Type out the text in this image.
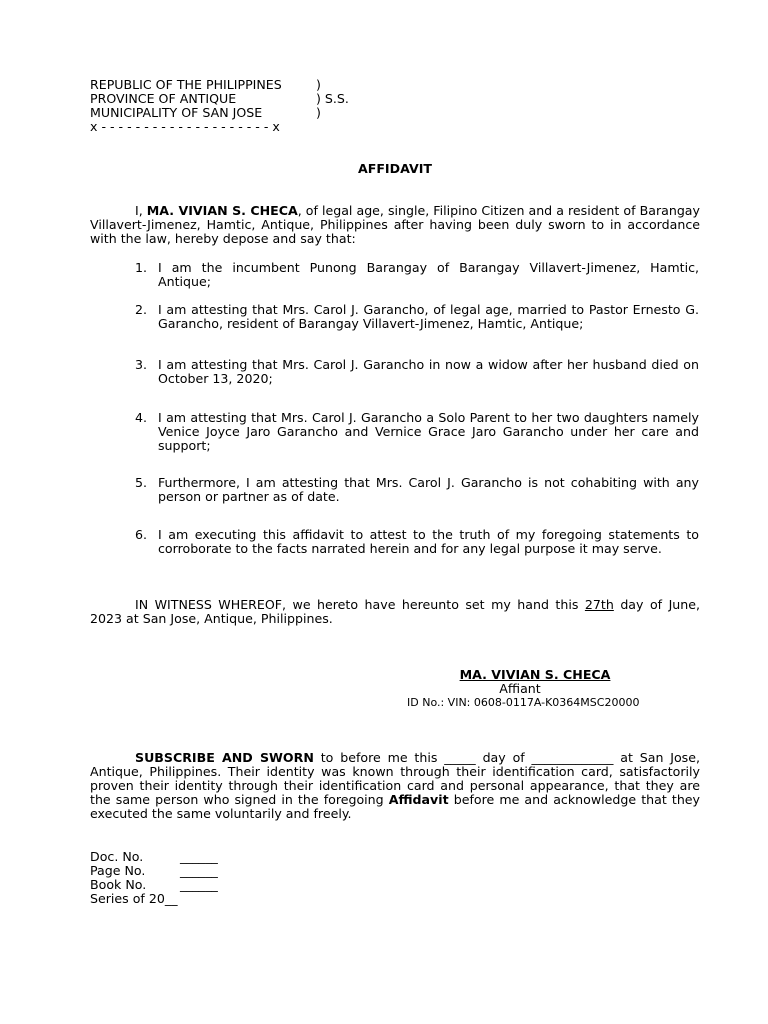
REPUBLIC OF THE PHILIPPINES	)
PROVINCE OF ANTIQUE	) S.S.
MUNICIPALITY OF SAN JOSE	)
x - - - - - - - - - - - - - - - - - - - - x
AFFIDAVIT
I, MA. VIVIAN S. CHECA, of legal age, single, Filipino Citizen and a resident of Barangay Villavert-Jimenez, Hamtic, Antique, Philippines after having been duly sworn to in accordance with the law, hereby depose and say that:
1. I am the incumbent Punong Barangay of Barangay Villavert-Jimenez, Hamtic, Antique;
2. I am attesting that Mrs. Carol J. Garancho, of legal age, married to Pastor Ernesto G. Garancho, resident of Barangay Villavert-Jimenez, Hamtic, Antique;
3. I am attesting that Mrs. Carol J. Garancho in now a widow after her husband died on October 13, 2020;
4. I am attesting that Mrs. Carol J. Garancho a Solo Parent to her two daughters namely Venice Joyce Jaro Garancho and Vernice Grace Jaro Garancho under her care and support;
5. Furthermore, I am attesting that Mrs. Carol J. Garancho is not cohabiting with any person or partner as of date.
6. I am executing this affidavit to attest to the truth of my foregoing statements to corroborate to the facts narrated herein and for any legal purpose it may serve.
IN WITNESS WHEREOF, we hereto have hereunto set my hand this 27th day of June, 2023 at San Jose, Antique, Philippines.
MA. VIVIAN S. CHECA
Affiant
ID No.: VIN: 0608-0117A-K0364MSC20000
SUBSCRIBE AND SWORN to before me this _____ day of _____________ at San Jose, Antique, Philippines. Their identity was known through their identification card, satisfactorily proven their identity through their identification card and personal appearance, that they are the same person who signed in the foregoing Affidavit before me and acknowledge that they executed the same voluntarily and freely.
Doc. No.	______
Page No.	______
Book No.	______
Series of 20__
